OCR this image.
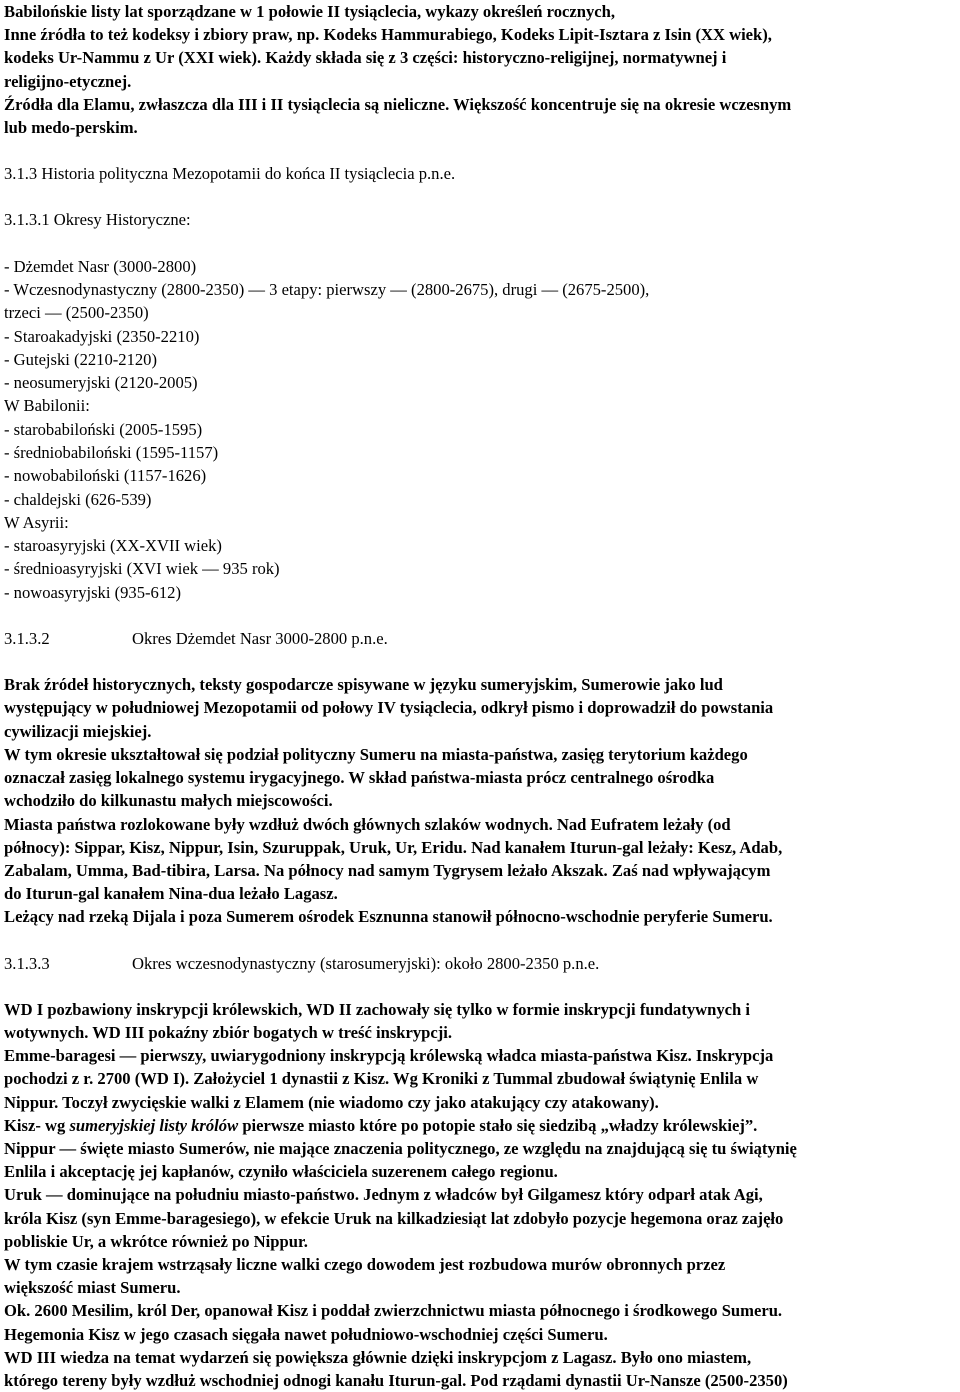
Babilońskie listy lat sporządzane w 1 połowie II tysiąclecia, wykazy określeń rocznych,

Inne źródła to też kodeksy i zbiory praw, np. Kodeks Hammurabiego, Kodeks Lipit-Isztara z Isin (XX wiek),

kodeks Ur-Nammu z Ur (XXI wiek). Każdy składa się z 3 części: historyczno-religijnej, normatywnej i

religijno-etycznej.

Źródła dla Elamu, zwłaszcza dla III i II tysiąclecia są nieliczne. Większość koncentruje się na okresie wczesnym

lub medo-perskim.

3.1.3 Historia polityczna Mezopotamii do końca II tysiąclecia p.n.e.

3.1.3.1 Okresy Historyczne:

- Dżemdet Nasr (3000-2800)

- Wczesnodynastyczny (2800-2350) — 3 etapy: pierwszy — (2800-2675), drugi — (2675-2500),

trzeci — (2500-2350)

- Staroakadyjski (2350-2210)

- Gutejski (2210-2120)

- neosumeryjski (2120-2005)

W Babilonii:

- starobabiloński (2005-1595)

- średniobabiloński (1595-1157)

- nowobabiloński (1157-1626)

- chaldejski (626-539)

W Asyrii:

- staroasyryjski (XX-XVII wiek)

- średnioasyryjski (XVI wiek — 935 rok)

- nowoasyryjski (935-612)

3.1.3.2	Okres Dżemdet Nasr 3000-2800 p.n.e.

Brak źródeł historycznych, teksty gospodarcze spisywane w języku sumeryjskim, Sumerowie jako lud

występujący w południowej Mezopotamii od połowy IV tysiąclecia, odkrył pismo i doprowadził do powstania

cywilizacji miejskiej.

W tym okresie ukształtował się podział polityczny Sumeru na miasta-państwa, zasięg terytorium każdego

oznaczał zasięg lokalnego systemu irygacyjnego. W skład państwa-miasta prócz centralnego ośrodka

wchodziło do kilkunastu małych miejscowości.

Miasta państwa rozlokowane były wzdłuż dwóch głównych szlaków wodnych. Nad Eufratem leżały (od

północy): Sippar, Kisz, Nippur, Isin, Szuruppak, Uruk, Ur, Eridu. Nad kanałem Iturun-gal leżały: Kesz, Adab,

Zabalam, Umma, Bad-tibira, Larsa. Na północy nad samym Tygrysem leżało Akszak. Zaś nad wpływającym

do Iturun-gal kanałem Nina-dua leżało Lagasz.

Leżący nad rzeką Dijala i poza Sumerem ośrodek Esznunna stanowił północno-wschodnie peryferie Sumeru.

3.1.3.3	Okres wczesnodynastyczny (starosumeryjski): około 2800-2350 p.n.e.

WD I pozbawiony inskrypcji królewskich, WD II zachowały się tylko w formie inskrypcji fundatywnych i

wotywnych. WD III pokaźny zbiór bogatych w treść inskrypcji.

Emme-baragesi — pierwszy, uwiarygodniony inskrypcją królewską władca miasta-państwa Kisz. Inskrypcja

pochodzi z r. 2700 (WD I). Założyciel 1 dynastii z Kisz. Wg Kroniki z Tummal zbudował świątynię Enlila w

Nippur. Toczył zwycięskie walki z Elamem (nie wiadomo czy jako atakujący czy atakowany).

Kisz- wg sumeryjskiej listy królów pierwsze miasto które po potopie stało się siedzibą „władzy królewskiej”.

Nippur — święte miasto Sumerów, nie mające znaczenia politycznego, ze względu na znajdującą się tu świątynię

Enlila i akceptację jej kapłanów, czyniło właściciela suzerenem całego regionu.

Uruk — dominujące na południu miasto-państwo. Jednym z władców był Gilgamesz który odparł atak Agi,

króla Kisz (syn Emme-baragesiego), w efekcie Uruk na kilkadziesiąt lat zdobyło pozycje hegemona oraz zajęło

pobliskie Ur, a wkrótce również po Nippur.

W tym czasie krajem wstrząsały liczne walki czego dowodem jest rozbudowa murów obronnych przez

większość miast Sumeru.

Ok. 2600 Mesilim, król Der, opanował Kisz i poddał zwierzchnictwu miasta północnego i środkowego Sumeru.

Hegemonia Kisz w jego czasach sięgała nawet południowo-wschodniej części Sumeru.

WD III wiedza na temat wydarzeń się powiększa głównie dzięki inskrypcjom z Lagasz. Było ono miastem,

którego tereny były wzdłuż wschodniej odnogi kanału Iturun-gal. Pod rządami dynastii Ur-Nansze (2500-2350)
